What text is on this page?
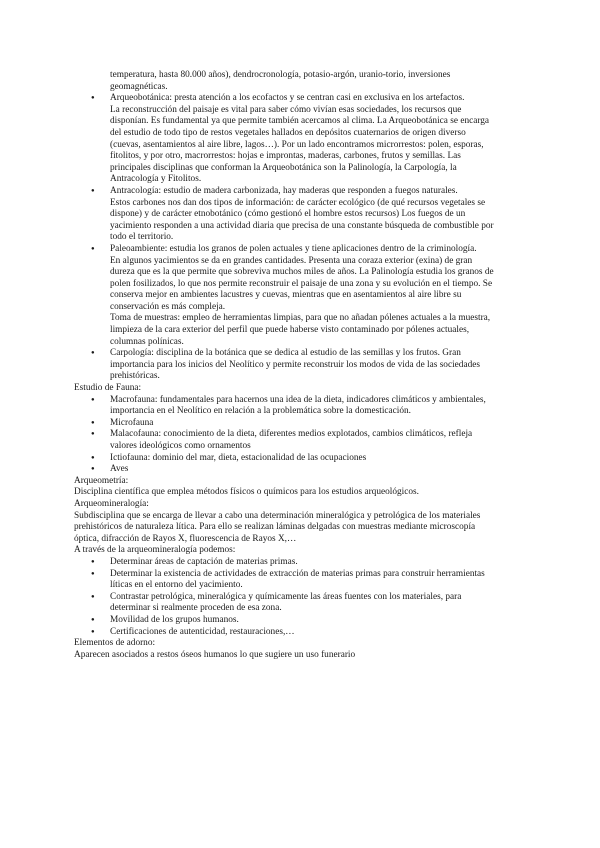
temperatura, hasta 80.000 años), dendrocronología, potasio-argón, uranio-torio, inversiones
geomagnéticas.
● Arqueobotánica: presta atención a los ecofactos y se centran casi en exclusiva en los artefactos.
La reconstrucción del paisaje es vital para saber cómo vivían esas sociedades, los recursos que
disponían. Es fundamental ya que permite también acercamos al clima. La Arqueobotánica se encarga
del estudio de todo tipo de restos vegetales hallados en depósitos cuaternarios de origen diverso
(cuevas, asentamientos al aire libre, lagos…). Por un lado encontramos microrrestos: polen, esporas,
fitolitos, y por otro, macrorrestos: hojas e improntas, maderas, carbones, frutos y semillas. Las
principales disciplinas que conforman la Arqueobotánica son la Palinología, la Carpología, la
Antracología y Fitolitos.
● Antracología: estudio de madera carbonizada, hay maderas que responden a fuegos naturales.
Estos carbones nos dan dos tipos de información: de carácter ecológico (de qué recursos vegetales se
dispone) y de carácter etnobotánico (cómo gestionó el hombre estos recursos) Los fuegos de un
yacimiento responden a una actividad diaria que precisa de una constante búsqueda de combustible por
todo el territorio.
● Paleoambiente: estudia los granos de polen actuales y tiene aplicaciones dentro de la criminología.
En algunos yacimientos se da en grandes cantidades. Presenta una coraza exterior (exina) de gran
dureza que es la que permite que sobreviva muchos miles de años. La Palinología estudia los granos de
polen fosilizados, lo que nos permite reconstruir el paisaje de una zona y su evolución en el tiempo. Se
conserva mejor en ambientes lacustres y cuevas, mientras que en asentamientos al aire libre su
conservación es más compleja.
Toma de muestras: empleo de herramientas limpias, para que no añadan pólenes actuales a la muestra,
limpieza de la cara exterior del perfil que puede haberse visto contaminado por pólenes actuales,
columnas polínicas.
● Carpología: disciplina de la botánica que se dedica al estudio de las semillas y los frutos. Gran
importancia para los inicios del Neolítico y permite reconstruir los modos de vida de las sociedades
prehistóricas.

Estudio de Fauna:

● Macrofauna: fundamentales para hacernos una idea de la dieta, indicadores climáticos y ambientales,
importancia en el Neolítico en relación a la problemática sobre la domesticación.
● Microfauna
● Malacofauna: conocimiento de la dieta, diferentes medios explotados, cambios climáticos, refleja
valores ideológicos como ornamentos
● Ictiofauna: dominio del mar, dieta, estacionalidad de las ocupaciones
● Aves

Arqueometría:

Disciplina científica que emplea métodos físicos o químicos para los estudios arqueológicos.

Arqueomineralogía:

Subdisciplina que se encarga de llevar a cabo una determinación mineralógica y petrológica de los materiales
prehistóricos de naturaleza lítica. Para ello se realizan láminas delgadas con muestras mediante microscopía
óptica, difracción de Rayos X, fluorescencia de Rayos X,…

A través de la arqueomineralogía podemos:

● Determinar áreas de captación de materias primas.
● Determinar la existencia de actividades de extracción de materias primas para construir herramientas
líticas en el entorno del yacimiento.
● Contrastar petrológica, mineralógica y químicamente las áreas fuentes con los materiales, para
determinar si realmente proceden de esa zona.
● Movilidad de los grupos humanos.
● Certificaciones de autenticidad, restauraciones,…

Elementos de adorno:

Aparecen asociados a restos óseos humanos lo que sugiere un uso funerario
